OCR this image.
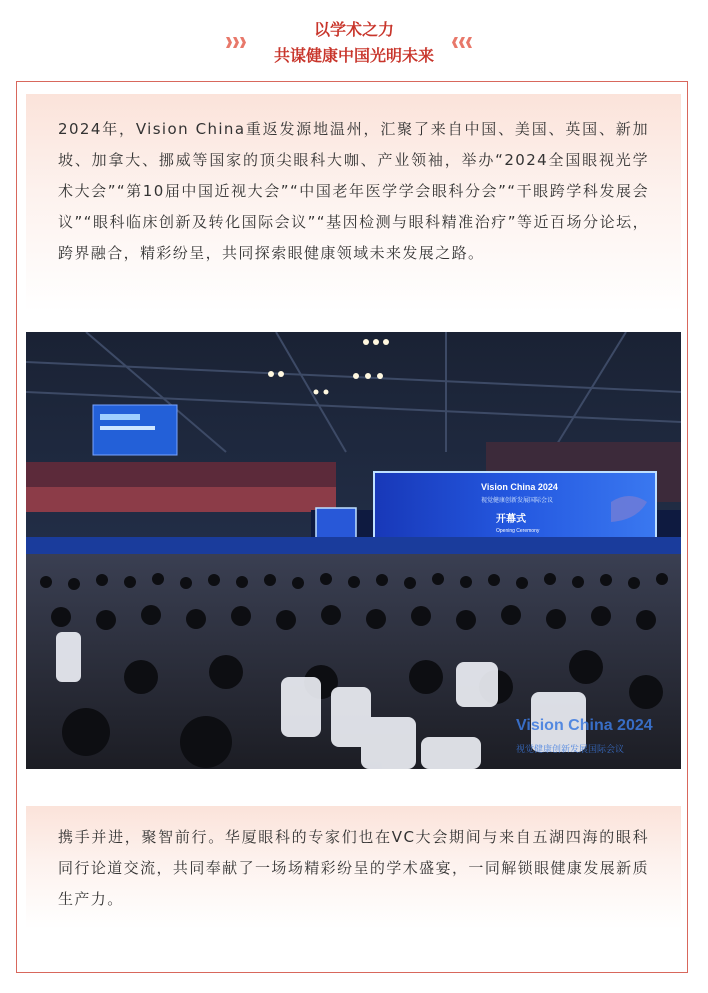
以学术之力
共谋健康中国光明未来

2024年，Vision China重返发源地温州，汇聚了来自中国、美国、英国、新加坡、加拿大、挪威等国家的顶尖眼科大咖、产业领袖，举办“2024全国眼视光学术大会”“第10届中国近视大会”“中国老年医学学会眼科分会”“干眼跨学科发展会议”“眼科临床创新及转化国际会议”“基因检测与眼科精准治疗”等近百场分论坛，跨界融合，精彩纷呈，共同探索眼健康领域未来发展之路。

Vision China 2024
视觉健康创新发展国际会议
开幕式
Opening Ceremony
Vision China 2024
视觉健康创新发展国际会议

携手并进，聚智前行。华厦眼科的专家们也在VC大会期间与来自五湖四海的眼科同行论道交流，共同奉献了一场场精彩纷呈的学术盛宴，一同解锁眼健康发展新质生产力。
